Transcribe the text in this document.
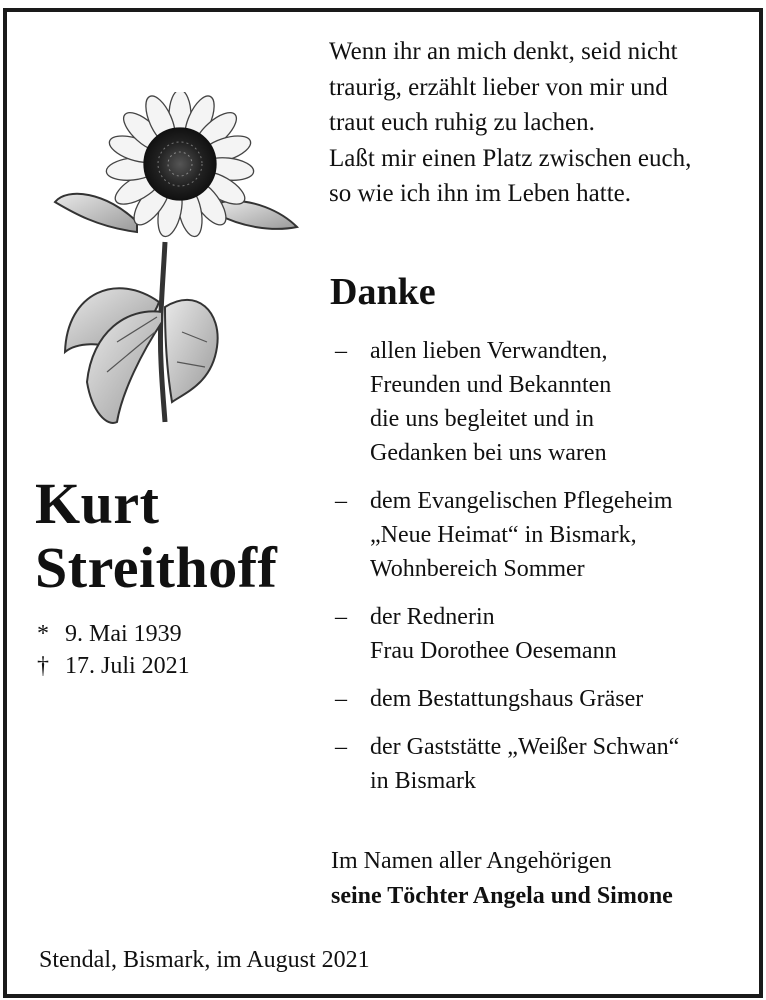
Wenn ihr an mich denkt, seid nicht
traurig, erzählt lieber von mir und
traut euch ruhig zu lachen.
Laßt mir einen Platz zwischen euch,
so wie ich ihn im Leben hatte.
Kurt
Streithoff
* 9. Mai 1939
† 17. Juli 2021
Danke
– allen lieben Verwandten,
Freunden und Bekannten
die uns begleitet und in
Gedanken bei uns waren
– dem Evangelischen Pflegeheim
„Neue Heimat“ in Bismark,
Wohnbereich Sommer
– der Rednerin
Frau Dorothee Oesemann
– dem Bestattungshaus Gräser
– der Gaststätte „Weißer Schwan“
in Bismark
Im Namen aller Angehörigen
seine Töchter Angela und Simone
Stendal, Bismark, im August 2021
